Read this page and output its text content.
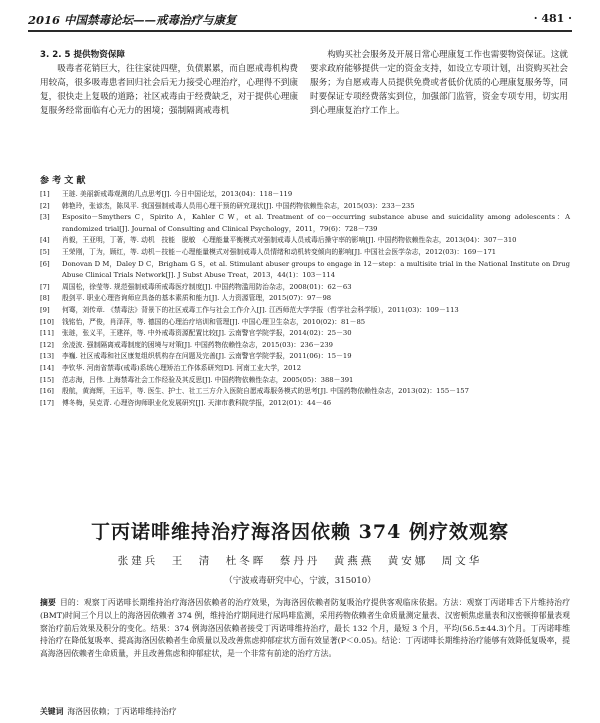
2016 中国禁毒论坛——戒毒治疗与康复	· 481 ·
3. 2. 5 提供物资保障

吸毒者花销巨大，往往家徒四壁，负债累累，而自愿戒毒机构费用较高，很多吸毒患者回归社会后无力接受心理治疗，心理得不到康复，很快走上复吸的道路；社区戒毒由于经费缺乏，对于提供心理康复服务经常面临有心无力的困境；强制隔离戒毒机

构购买社会服务及开展日常心理康复工作也需要物资保证。这就要求政府能够提供一定的资金支持，如设立专项计划，出资购买社会服务；为自愿戒毒人员提供免费或者低价优质的心理康复服务等，同时要保证专项经费落实到位，加强部门监管，资金专项专用，切实用到心理康复治疗工作上。

参 考 文 献
[1]	王琏. 美丽新戒毒观测的几点思考[J]. 今日中国论坛，2013(04)：118－119
[2]	韩艳玲，张谚杰，陈凤平. 我国强制戒毒人员用心理干预的研究现状[J]. 中国药物依赖性杂志，2015(03)：233－235
[3]	Esposito－Smythers C，Spirito A，Kahler C W，et al. Treatment of co－occurring substance abuse and suicidality among adolescents：A randomized trial[J]. Journal of Consulting and Clinical Psychology，2011，79(6)：728－739
[4]	肖毅，王亚明，丁著，等. 动机　技能　脱敏　心理能量平衡模式对强制戒毒人员戒毒后操守率的影响[J]. 中国药物依赖性杂志，2013(04)：307－310
[5]	王荣刚，丁为，顾红，等. 动机－技能－心理能量模式对强制戒毒人员情绪和动机转变倾向的影响[J]. 中国社会医学杂志，2012(03)：169－171
[6]	Donovan D M，Daley D C，Brigham G S，et al. Stimulant abuser groups to engage in 12－step：a multisite trial in the National Institute on Drug Abuse Clinical Trials Network[J]. J Subst Abuse Treat，2013，44(1)：103－114
[7]	周国松，徐莹等. 规范强制戒毒所戒毒医疗制度[J]. 中国药物滥用防治杂志，2008(01)：62－63
[8]	殷剑平. 职业心理咨询师应具备的基本素质和能力[J]. 人力资源管理，2015(07)：97－98
[9]	何骞，刘传章. 《禁毒法》背景下的社区戒毒工作与社会工作介入[J]. 江西师范大学学报（哲学社会科学版），2011(03)：109－113
[10]	钱铭怡，严俊，肖泽萍，等. 德国的心理治疗培训和管理[J]. 中国心理卫生杂志，2010(02)：81－85
[11]	张琏，张义平，王建祥，等. 中外戒毒资源配置比较[J]. 云南警官学院学报，2014(02)：25－30
[12]	余凌波. 强制隔离戒毒制度的困境与对策[J]. 中国药物依赖性杂志，2015(03)：236－239
[13]	李巍. 社区戒毒和社区康复组织机构存在问题及完善[J]. 云南警官学院学报，2011(06)：15－19
[14]	李钦华. 河南省禁毒(戒毒)系统心理矫治工作体系研究[D]. 河南工业大学，2012
[15]	范志海，吕伟. 上海禁毒社会工作经验及其反思[J]. 中国药物依赖性杂志，2005(05)：388－391
[16]	殷航，黄海辉，王远平，等. 医生、护士、社工三方介入医院自愿戒毒服务模式的思考[J]. 中国药物依赖性杂志，2013(02)：155－157
[17]	傅冬梅，吴克青. 心理咨询师职业化发展研究[J]. 天津市教科院学报，2012(01)：44－46
丁丙诺啡维持治疗海洛因依赖 374 例疗效观察
张建兵　王　清　杜冬晖　蔡丹丹　黄燕燕　黄安娜　周文华
（宁波戒毒研究中心，宁波，315010）
摘要 目的：观察丁丙诺啡长期维持治疗海洛因依赖者的治疗效果，为海洛因依赖者防复吸治疗提供客观临床依据。方法：观察丁丙诺啡舌下片维持治疗(BMT)时间三个月以上的海洛因依赖者 374 例，维持治疗期间进行尿吗啡监测，采用药物依赖者生命质量测定量表、汉密顿焦虑量表和汉密顿抑郁量表观察治疗前后效果及积分的变化。结果：374 例海洛因依赖者接受丁丙诺啡维持治疗，最长 132 个月，最短 3 个月，平均(56.5±44.3)个月。丁丙诺啡维持治疗在降低复吸率、提高海洛因依赖者生命质量以及改善焦虑抑郁症状方面有效显著(P＜0.05)。结论：丁丙诺啡长期维持治疗能够有效降低复吸率，提高海洛因依赖者生命质量，并且改善焦虑和抑郁症状，是一个非常有前途的治疗方法。
关键词 海洛因依赖；丁丙诺啡维持治疗
